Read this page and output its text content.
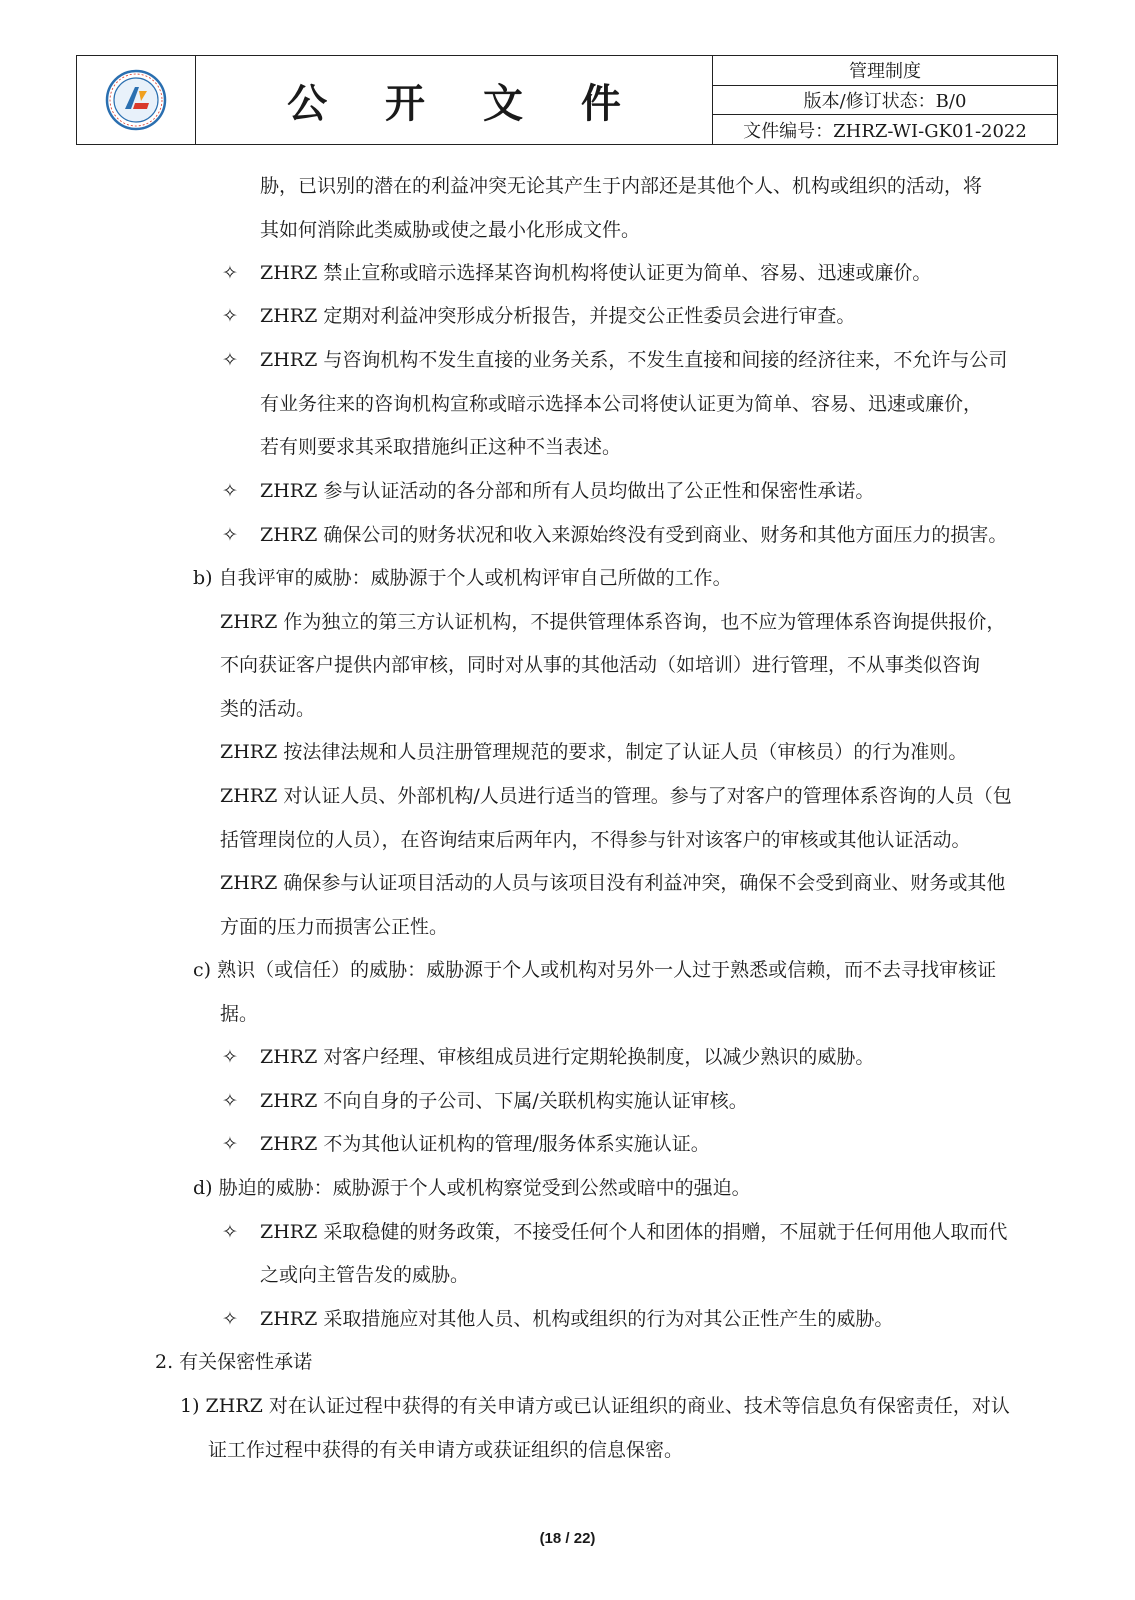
公 开 文 件
管理制度
版本/修订状态：B/0
文件编号：ZHRZ-WI-GK01-2022
胁，已识别的潜在的利益冲突无论其产生于内部还是其他个人、机构或组织的活动，将
其如何消除此类威胁或使之最小化形成文件。
✧ ZHRZ 禁止宣称或暗示选择某咨询机构将使认证更为简单、容易、迅速或廉价。
✧ ZHRZ 定期对利益冲突形成分析报告，并提交公正性委员会进行审查。
✧ ZHRZ 与咨询机构不发生直接的业务关系，不发生直接和间接的经济往来，不允许与公司
有业务往来的咨询机构宣称或暗示选择本公司将使认证更为简单、容易、迅速或廉价，
若有则要求其采取措施纠正这种不当表述。
✧ ZHRZ 参与认证活动的各分部和所有人员均做出了公正性和保密性承诺。
✧ ZHRZ 确保公司的财务状况和收入来源始终没有受到商业、财务和其他方面压力的损害。
b) 自我评审的威胁：威胁源于个人或机构评审自己所做的工作。
ZHRZ 作为独立的第三方认证机构，不提供管理体系咨询，也不应为管理体系咨询提供报价，
不向获证客户提供内部审核，同时对从事的其他活动（如培训）进行管理，不从事类似咨询
类的活动。
ZHRZ 按法律法规和人员注册管理规范的要求，制定了认证人员（审核员）的行为准则。
ZHRZ 对认证人员、外部机构/人员进行适当的管理。参与了对客户的管理体系咨询的人员（包
括管理岗位的人员），在咨询结束后两年内，不得参与针对该客户的审核或其他认证活动。
ZHRZ 确保参与认证项目活动的人员与该项目没有利益冲突，确保不会受到商业、财务或其他
方面的压力而损害公正性。
c) 熟识（或信任）的威胁：威胁源于个人或机构对另外一人过于熟悉或信赖，而不去寻找审核证
据。
✧ ZHRZ 对客户经理、审核组成员进行定期轮换制度，以减少熟识的威胁。
✧ ZHRZ 不向自身的子公司、下属/关联机构实施认证审核。
✧ ZHRZ 不为其他认证机构的管理/服务体系实施认证。
d) 胁迫的威胁：威胁源于个人或机构察觉受到公然或暗中的强迫。
✧ ZHRZ 采取稳健的财务政策，不接受任何个人和团体的捐赠，不屈就于任何用他人取而代
之或向主管告发的威胁。
✧ ZHRZ 采取措施应对其他人员、机构或组织的行为对其公正性产生的威胁。
2. 有关保密性承诺
1) ZHRZ 对在认证过程中获得的有关申请方或已认证组织的商业、技术等信息负有保密责任，对认
证工作过程中获得的有关申请方或获证组织的信息保密。
(18 / 22)
